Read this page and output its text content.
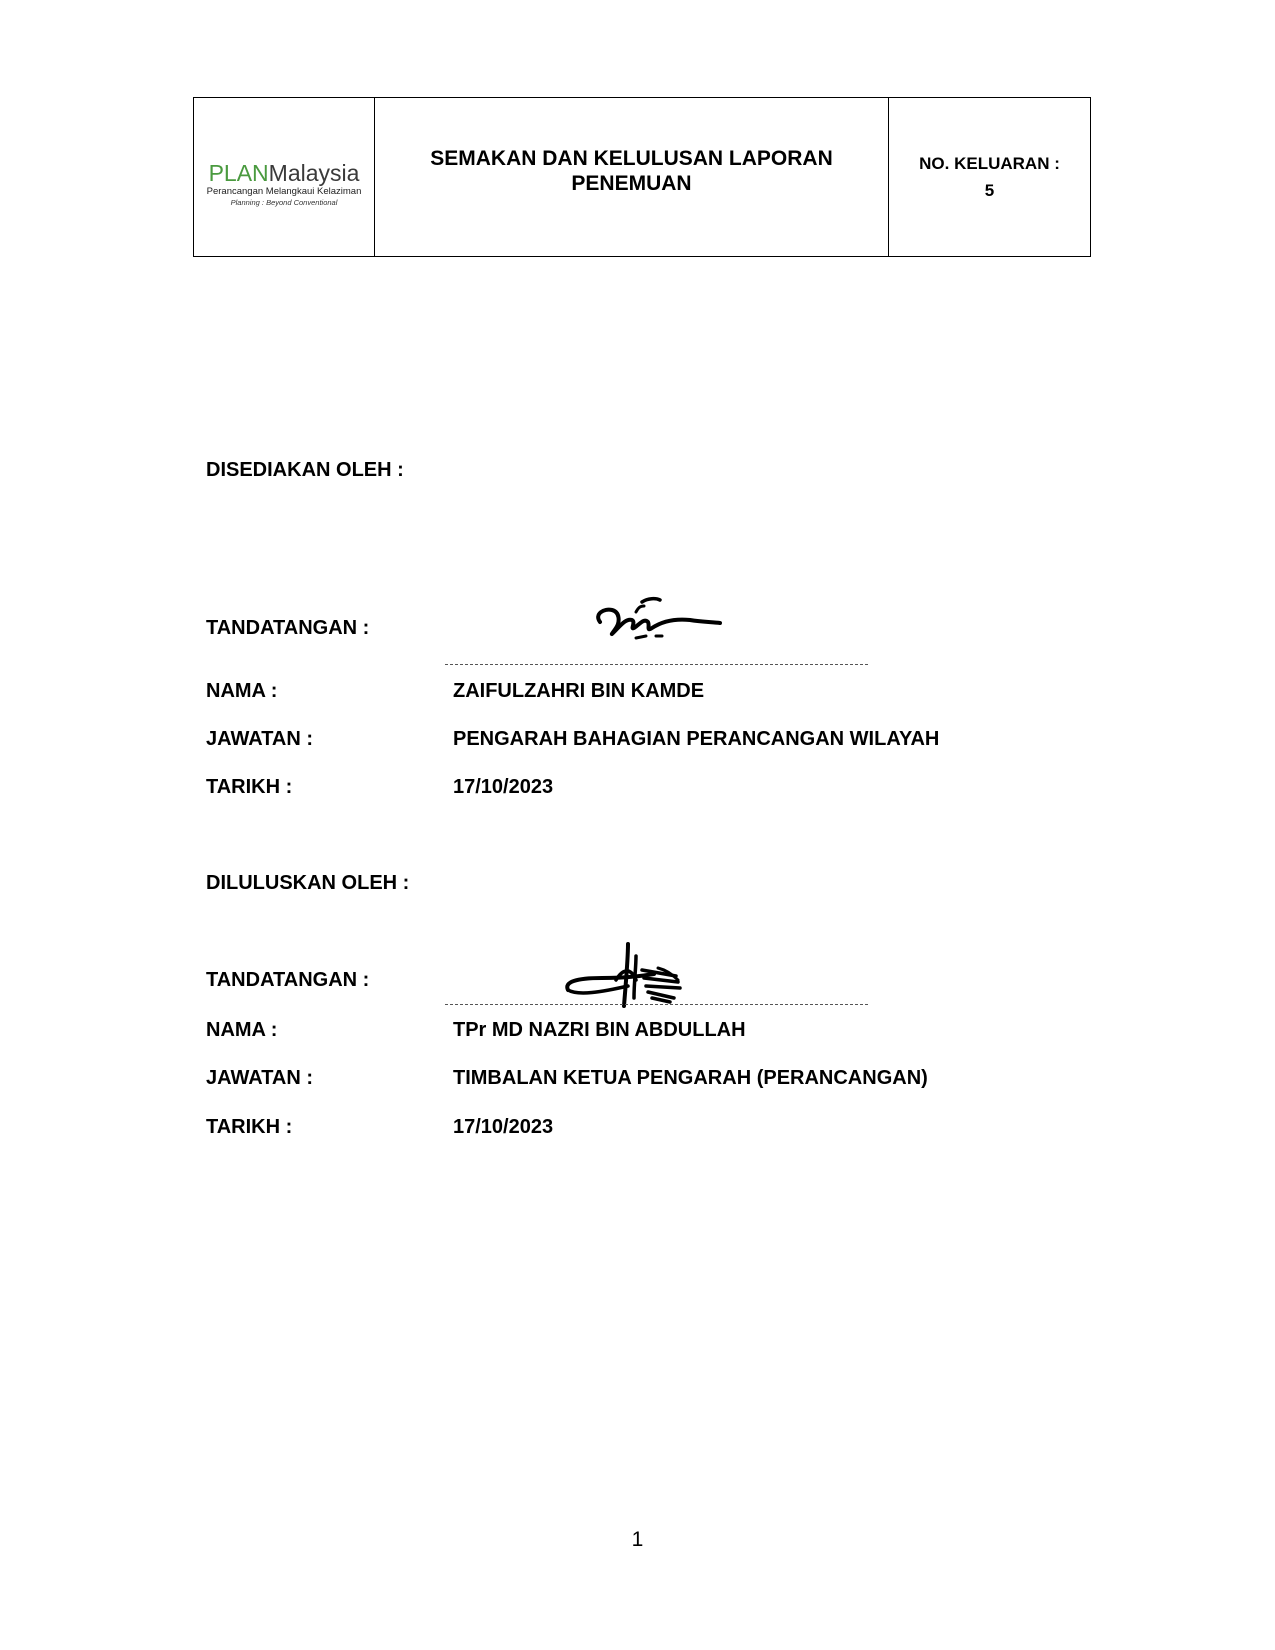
PLANMalaysia
Perancangan Melangkaui Kelaziman
Planning : Beyond Conventional
SEMAKAN DAN KELULUSAN LAPORAN
PENEMUAN
NO. KELUARAN :
5
DISEDIAKAN OLEH :
TANDATANGAN :
NAMA :	ZAIFULZAHRI BIN KAMDE
JAWATAN :	PENGARAH BAHAGIAN PERANCANGAN WILAYAH
TARIKH :	17/10/2023
DILULUSKAN OLEH :
TANDATANGAN :
NAMA :	TPr MD NAZRI BIN ABDULLAH
JAWATAN :	TIMBALAN KETUA PENGARAH (PERANCANGAN)
TARIKH :	17/10/2023
1
